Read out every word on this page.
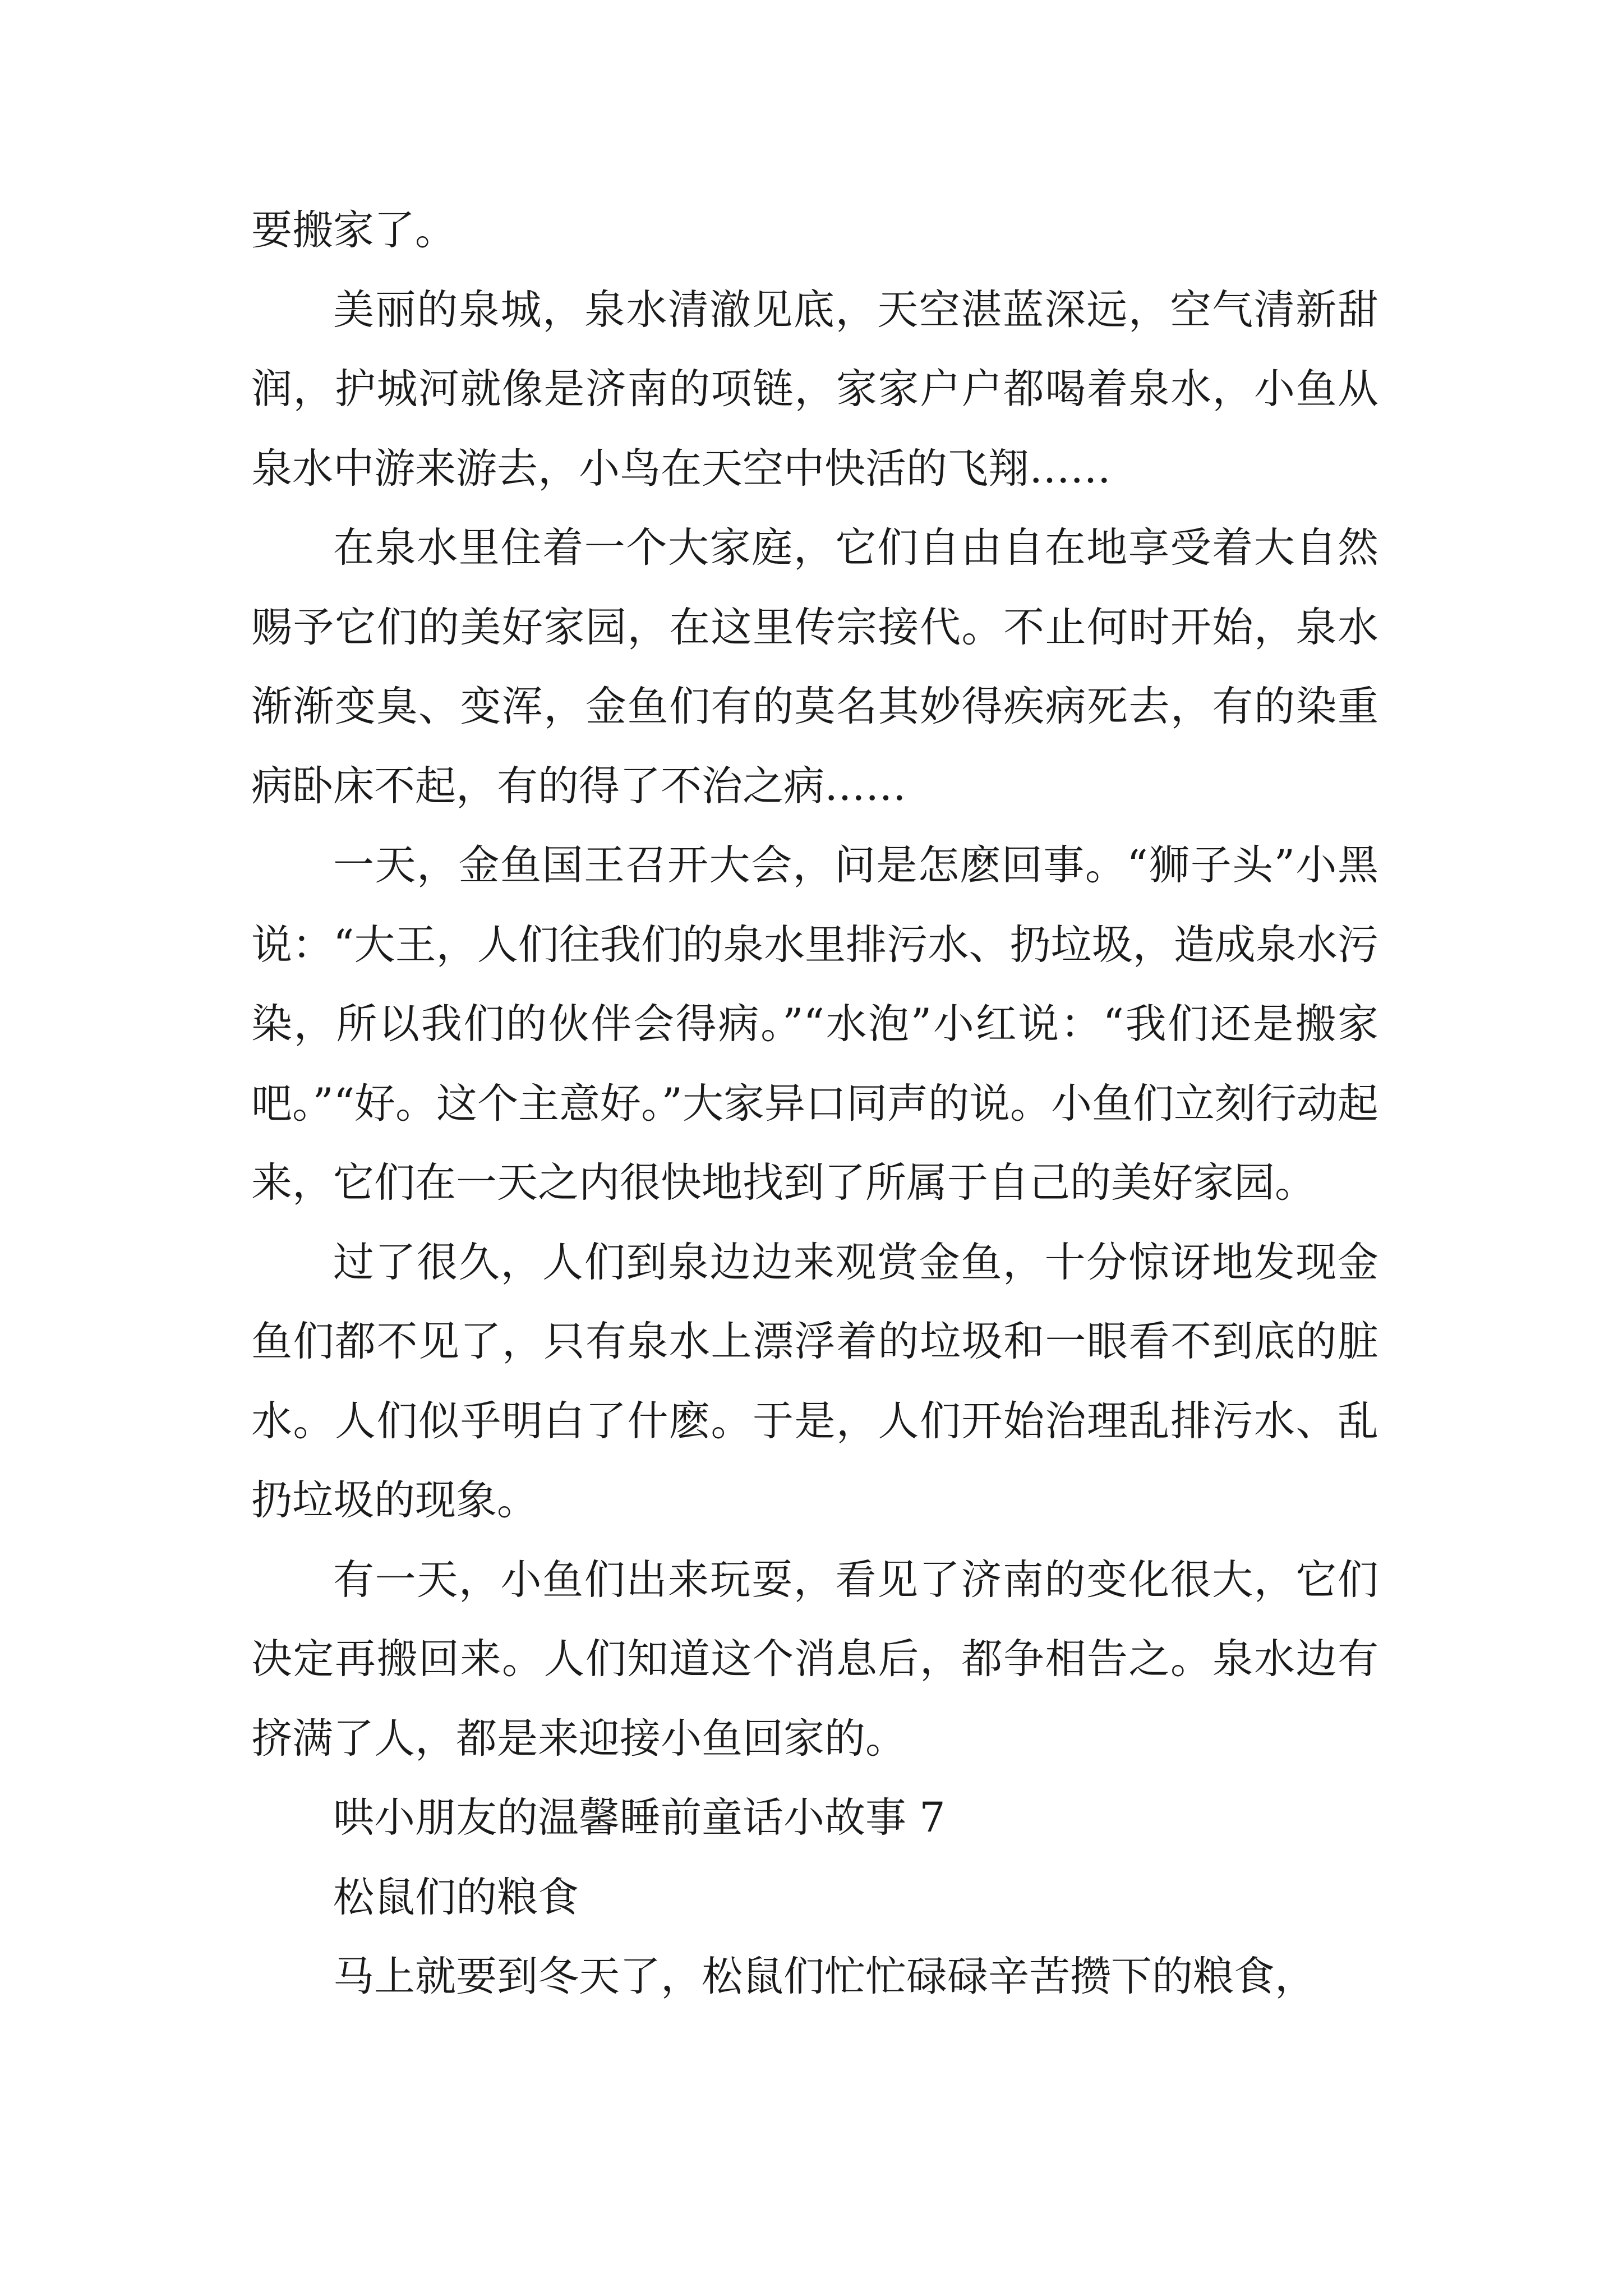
要搬家了。

美丽的泉城，泉水清澈见底，天空湛蓝深远，空气清新甜润，护城河就像是济南的项链，家家户户都喝着泉水，小鱼从泉水中游来游去，小鸟在天空中快活的飞翔……

在泉水里住着一个大家庭，它们自由自在地享受着大自然赐予它们的美好家园，在这里传宗接代。不止何时开始，泉水渐渐变臭、变浑，金鱼们有的莫名其妙得疾病死去，有的染重病卧床不起，有的得了不治之病……

一天，金鱼国王召开大会，问是怎麽回事。“狮子头”小黑说：“大王，人们往我们的泉水里排污水、扔垃圾，造成泉水污染，所以我们的伙伴会得病。”“水泡”小红说：“我们还是搬家吧。”“好。这个主意好。”大家异口同声的说。小鱼们立刻行动起来，它们在一天之内很快地找到了所属于自己的美好家园。

过了很久，人们到泉边边来观赏金鱼，十分惊讶地发现金鱼们都不见了，只有泉水上漂浮着的垃圾和一眼看不到底的脏水。人们似乎明白了什麽。于是，人们开始治理乱排污水、乱扔垃圾的现象。

有一天，小鱼们出来玩耍，看见了济南的变化很大，它们决定再搬回来。人们知道这个消息后，都争相告之。泉水边有挤满了人，都是来迎接小鱼回家的。

哄小朋友的温馨睡前童话小故事 7

松鼠们的粮食

马上就要到冬天了，松鼠们忙忙碌碌辛苦攒下的粮食，
